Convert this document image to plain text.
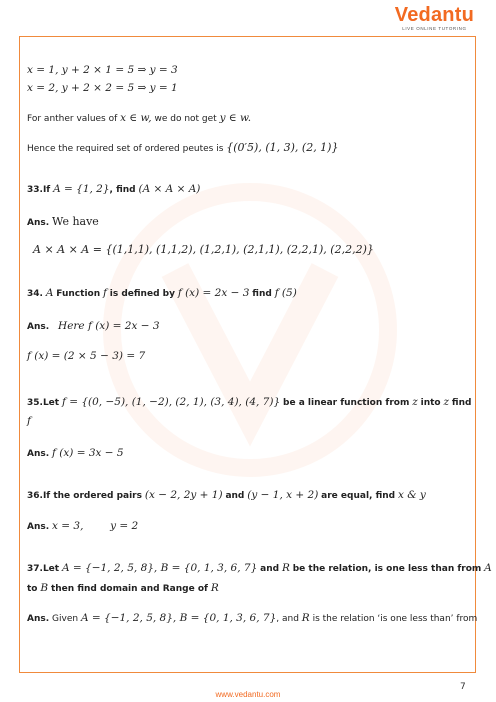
Vedantu
LIVE ONLINE TUTORING
x = 1, y + 2 × 1 = 5 ⇒ y = 3
x = 2, y + 2 × 2 = 5 ⇒ y = 1
For anther values of x ∈ w, we do not get y ∈ w.
Hence the required set of ordered peutes is {(0′5), (1, 3), (2, 1)}
33.If A = {1, 2}, find (A × A × A)
Ans. We have
A × A × A = {(1,1,1), (1,1,2), (1,2,1), (2,1,1), (2,2,1), (2,2,2)}
34. A Function f is defined by f (x) = 2x − 3 find f (5)
Ans. Here f (x) = 2x − 3
f (x) = (2 × 5 − 3) = 7
35.Let f = {(0, −5), (1, −2), (2, 1), (3, 4), (4, 7)} be a linear function from z into z find
f
Ans. f (x) = 3x − 5
36.If the ordered pairs (x − 2, 2y + 1) and (y − 1, x + 2) are equal, find x & y
Ans. x = 3,        y = 2
37.Let A = {−1, 2, 5, 8}, B = {0, 1, 3, 6, 7} and R be the relation, is one less than from A
to B then find domain and Range of R
Ans. Given A = {−1, 2, 5, 8}, B = {0, 1, 3, 6, 7}, and R is the relation ‘is one less than’ from
7
www.vedantu.com
